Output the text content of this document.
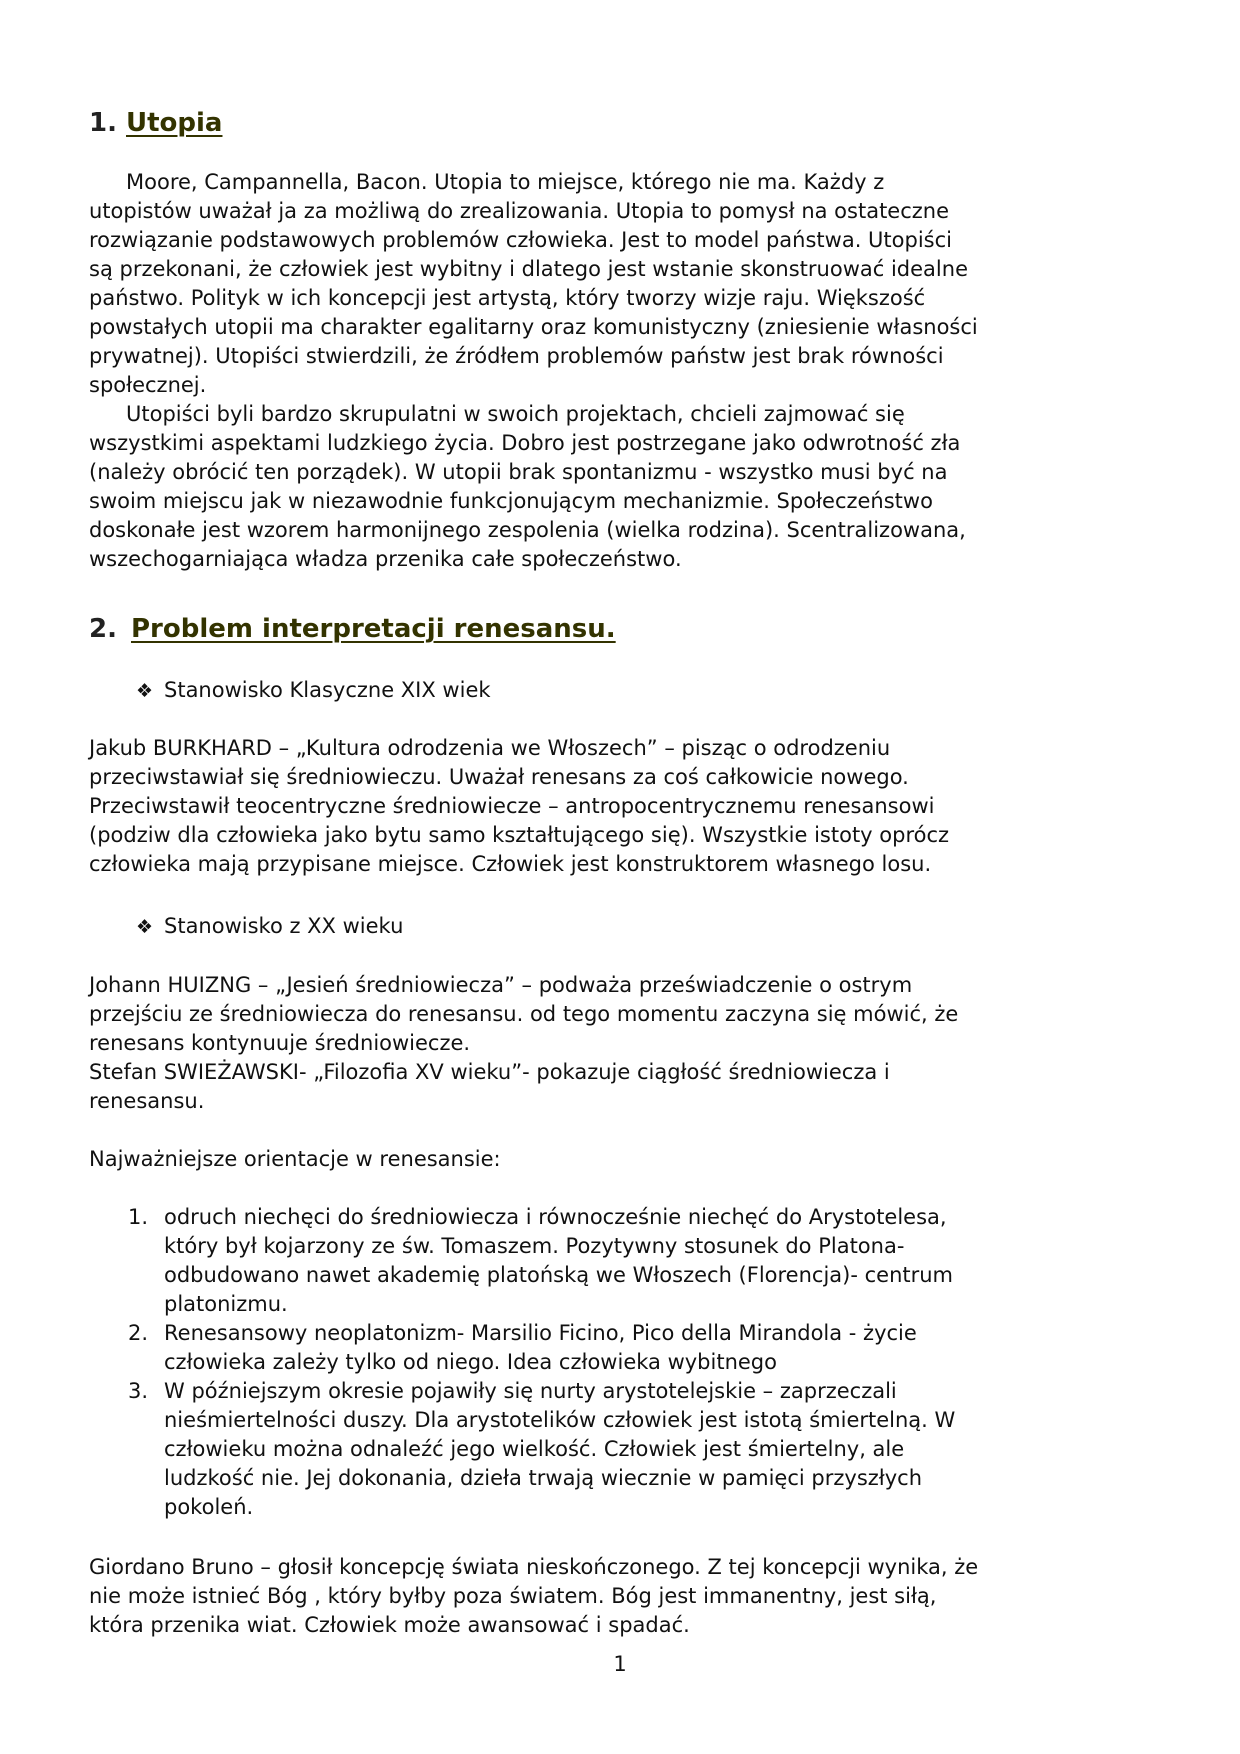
1. Utopia
Moore, Campannella, Bacon. Utopia to miejsce, którego nie ma. Każdy z
utopistów uważał ja za możliwą do zrealizowania. Utopia to pomysł na ostateczne
rozwiązanie podstawowych problemów człowieka. Jest to model państwa. Utopiści
są przekonani, że człowiek jest wybitny i dlatego jest wstanie skonstruować idealne
państwo. Polityk w ich koncepcji jest artystą, który tworzy wizje raju. Większość
powstałych utopii ma charakter egalitarny oraz komunistyczny (zniesienie własności
prywatnej). Utopiści stwierdzili, że źródłem problemów państw jest brak równości
społecznej.
Utopiści byli bardzo skrupulatni w swoich projektach, chcieli zajmować się
wszystkimi aspektami ludzkiego życia. Dobro jest postrzegane jako odwrotność zła
(należy obrócić ten porządek). W utopii brak spontanizmu - wszystko musi być na
swoim miejscu jak w niezawodnie funkcjonującym mechanizmie. Społeczeństwo
doskonałe jest wzorem harmonijnego zespolenia (wielka rodzina). Scentralizowana,
wszechogarniająca władza przenika całe społeczeństwo.
2. Problem interpretacji renesansu.
❖ Stanowisko Klasyczne XIX wiek
Jakub BURKHARD – „Kultura odrodzenia we Włoszech” – pisząc o odrodzeniu
przeciwstawiał się średniowieczu. Uważał renesans za coś całkowicie nowego.
Przeciwstawił teocentryczne średniowiecze – antropocentrycznemu renesansowi
(podziw dla człowieka jako bytu samo kształtującego się). Wszystkie istoty oprócz
człowieka mają przypisane miejsce. Człowiek jest konstruktorem własnego losu.
❖ Stanowisko z XX wieku
Johann HUIZNG – „Jesień średniowiecza” – podważa przeświadczenie o ostrym
przejściu ze średniowiecza do renesansu. od tego momentu zaczyna się mówić, że
renesans kontynuuje średniowiecze.
Stefan SWIEŻAWSKI- „Filozofia XV wieku”- pokazuje ciągłość średniowiecza i
renesansu.
Najważniejsze orientacje w renesansie:
1. odruch niechęci do średniowiecza i równocześnie niechęć do Arystotelesa,
który był kojarzony ze św. Tomaszem. Pozytywny stosunek do Platona-
odbudowano nawet akademię platońską we Włoszech (Florencja)- centrum
platonizmu.
2. Renesansowy neoplatonizm- Marsilio Ficino, Pico della Mirandola - życie
człowieka zależy tylko od niego. Idea człowieka wybitnego
3. W późniejszym okresie pojawiły się nurty arystotelejskie – zaprzeczali
nieśmiertelności duszy. Dla arystotelików człowiek jest istotą śmiertelną. W
człowieku można odnaleźć jego wielkość. Człowiek jest śmiertelny, ale
ludzkość nie. Jej dokonania, dzieła trwają wiecznie w pamięci przyszłych
pokoleń.
Giordano Bruno – głosił koncepcję świata nieskończonego. Z tej koncepcji wynika, że
nie może istnieć Bóg , który byłby poza światem. Bóg jest immanentny, jest siłą,
która przenika wiat. Człowiek może awansować i spadać.
1
